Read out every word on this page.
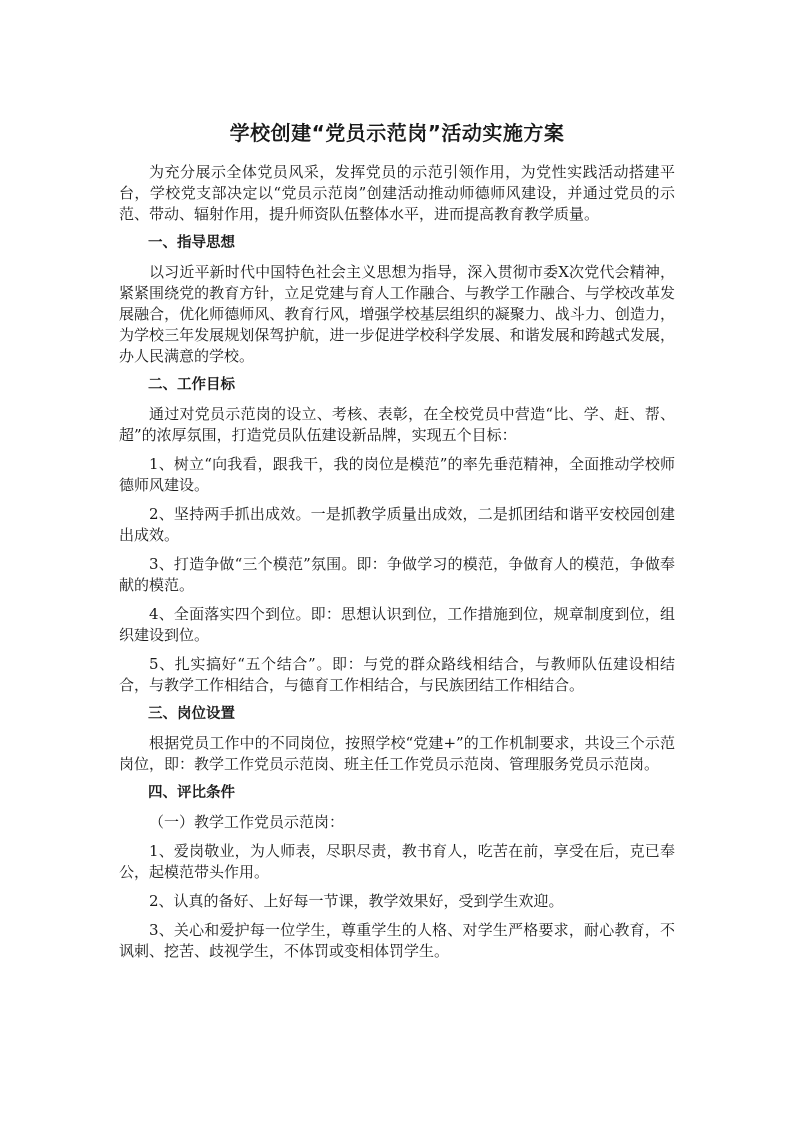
学校创建“党员示范岗”活动实施方案

为充分展示全体党员风采，发挥党员的示范引领作用，为党性实践活动搭建平台，学校党支部决定以“党员示范岗”创建活动推动师德师风建设，并通过党员的示范、带动、辐射作用，提升师资队伍整体水平，进而提高教育教学质量。

一、指导思想

以习近平新时代中国特色社会主义思想为指导，深入贯彻市委Ⅹ次党代会精神，紧紧围绕党的教育方针，立足党建与育人工作融合、与教学工作融合、与学校改革发展融合，优化师德师风、教育行风，增强学校基层组织的凝聚力、战斗力、创造力，为学校三年发展规划保驾护航，进一步促进学校科学发展、和谐发展和跨越式发展，办人民满意的学校。

二、工作目标

通过对党员示范岗的设立、考核、表彰，在全校党员中营造“比、学、赶、帮、超”的浓厚氛围，打造党员队伍建设新品牌，实现五个目标：

1、树立“向我看，跟我干，我的岗位是模范”的率先垂范精神，全面推动学校师德师风建设。

2、坚持两手抓出成效。一是抓教学质量出成效，二是抓团结和谐平安校园创建出成效。

3、打造争做“三个模范”氛围。即：争做学习的模范，争做育人的模范，争做奉献的模范。

4、全面落实四个到位。即：思想认识到位，工作措施到位，规章制度到位，组织建设到位。

5、扎实搞好“五个结合”。即：与党的群众路线相结合，与教师队伍建设相结合，与教学工作相结合，与德育工作相结合，与民族团结工作相结合。

三、岗位设置

根据党员工作中的不同岗位，按照学校“党建+”的工作机制要求，共设三个示范岗位，即：教学工作党员示范岗、班主任工作党员示范岗、管理服务党员示范岗。

四、评比条件

（一）教学工作党员示范岗：

1、爱岗敬业，为人师表，尽职尽责，教书育人，吃苦在前，享受在后，克已奉公，起模范带头作用。

2、认真的备好、上好每一节课，教学效果好，受到学生欢迎。

3、关心和爱护每一位学生，尊重学生的人格、对学生严格要求，耐心教育，不讽刺、挖苦、歧视学生，不体罚或变相体罚学生。
